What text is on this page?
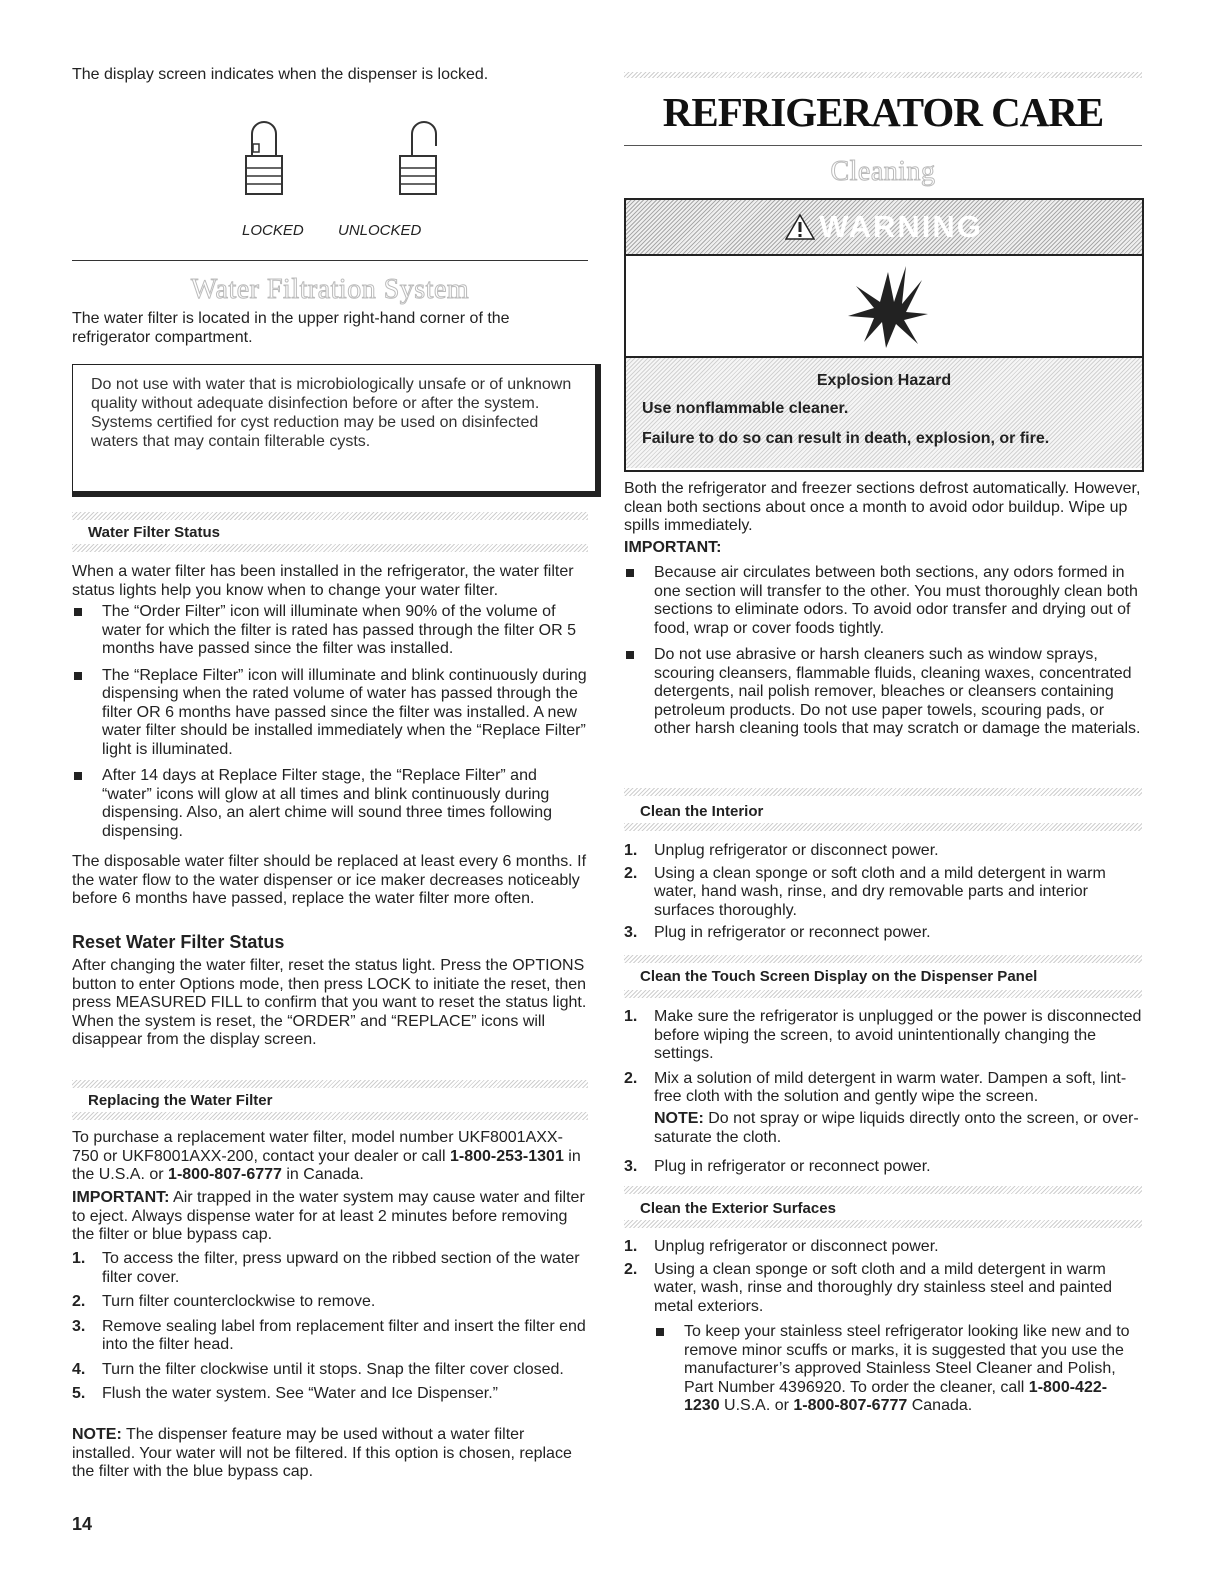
The display screen indicates when the dispenser is locked.

LOCKED UNLOCKED
Water Filtration System

The water filter is located in the upper right-hand corner of the refrigerator compartment.

Do not use with water that is microbiologically unsafe or of unknown quality without adequate disinfection before or after the system. Systems certified for cyst reduction may be used on disinfected waters that may contain filterable cysts.

Water Filter Status

When a water filter has been installed in the refrigerator, the water filter status lights help you know when to change your water filter.

The “Order Filter” icon will illuminate when 90% of the volume of water for which the filter is rated has passed through the filter OR 5 months have passed since the filter was installed.
The “Replace Filter” icon will illuminate and blink continuously during dispensing when the rated volume of water has passed through the filter OR 6 months have passed since the filter was installed. A new water filter should be installed immediately when the “Replace Filter” light is illuminated.
After 14 days at Replace Filter stage, the “Replace Filter” and “water” icons will glow at all times and blink continuously during dispensing. Also, an alert chime will sound three times following dispensing.

The disposable water filter should be replaced at least every 6 months. If the water flow to the water dispenser or ice maker decreases noticeably before 6 months have passed, replace the water filter more often.

Reset Water Filter Status

After changing the water filter, reset the status light. Press the OPTIONS button to enter Options mode, then press LOCK to initiate the reset, then press MEASURED FILL to confirm that you want to reset the status light. When the system is reset, the “ORDER” and “REPLACE” icons will disappear from the display screen.

Replacing the Water Filter

To purchase a replacement water filter, model number UKF8001AXX-750 or UKF8001AXX-200, contact your dealer or call 1-800-253-1301 in the U.S.A. or 1-800-807-6777 in Canada.

IMPORTANT: Air trapped in the water system may cause water and filter to eject. Always dispense water for at least 2 minutes before removing the filter or blue bypass cap.

1. To access the filter, press upward on the ribbed section of the water filter cover.
2. Turn filter counterclockwise to remove.
3. Remove sealing label from replacement filter and insert the filter end into the filter head.
4. Turn the filter clockwise until it stops. Snap the filter cover closed.
5. Flush the water system. See “Water and Ice Dispenser.”

NOTE: The dispenser feature may be used without a water filter installed. Your water will not be filtered. If this option is chosen, replace the filter with the blue bypass cap.

14
REFRIGERATOR CARE
Cleaning
WARNING
Explosion Hazard
Use nonflammable cleaner.
Failure to do so can result in death, explosion, or fire.

Both the refrigerator and freezer sections defrost automatically. However, clean both sections about once a month to avoid odor buildup. Wipe up spills immediately.

IMPORTANT:
Because air circulates between both sections, any odors formed in one section will transfer to the other. You must thoroughly clean both sections to eliminate odors. To avoid odor transfer and drying out of food, wrap or cover foods tightly.
Do not use abrasive or harsh cleaners such as window sprays, scouring cleansers, flammable fluids, cleaning waxes, concentrated detergents, nail polish remover, bleaches or cleansers containing petroleum products. Do not use paper towels, scouring pads, or other harsh cleaning tools that may scratch or damage the materials.
Clean the Interior
1. Unplug refrigerator or disconnect power.
2. Using a clean sponge or soft cloth and a mild detergent in warm water, hand wash, rinse, and dry removable parts and interior surfaces thoroughly.
3. Plug in refrigerator or reconnect power.
Clean the Touch Screen Display on the Dispenser Panel
1. Make sure the refrigerator is unplugged or the power is disconnected before wiping the screen, to avoid unintentionally changing the settings.
2. Mix a solution of mild detergent in warm water. Dampen a soft, lint-free cloth with the solution and gently wipe the screen.

NOTE: Do not spray or wipe liquids directly onto the screen, or over-saturate the cloth.

3. Plug in refrigerator or reconnect power.
Clean the Exterior Surfaces
1. Unplug refrigerator or disconnect power.
2. Using a clean sponge or soft cloth and a mild detergent in warm water, wash, rinse and thoroughly dry stainless steel and painted metal exteriors.
To keep your stainless steel refrigerator looking like new and to remove minor scuffs or marks, it is suggested that you use the manufacturer’s approved Stainless Steel Cleaner and Polish, Part Number 4396920. To order the cleaner, call 1-800-422-1230 U.S.A. or 1-800-807-6777 Canada.
